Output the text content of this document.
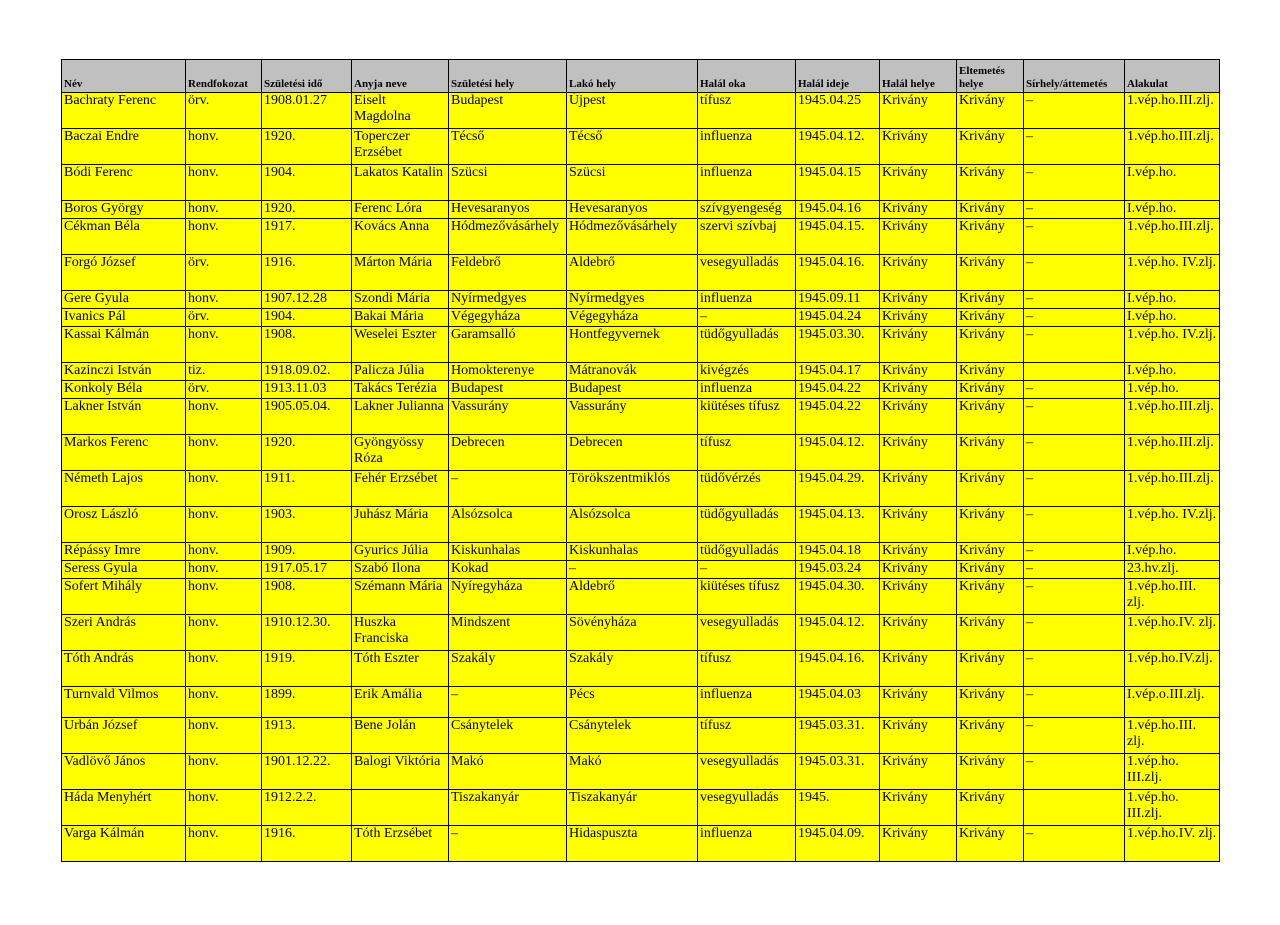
Név	Rendfokozat	Születési idő	Anyja neve	Születési hely	Lakó hely	Halál oka	Halál ideje	Halál helye	Eltemetés helye	Sírhely/áttemetés	Alakulat
Bachraty Ferenc	örv.	1908.01.27	Eiselt Magdolna	Budapest	Újpest	tífusz	1945.04.25	Krivány	Krivány	–	1.vép.ho.III.zlj.
Baczai Endre	honv.	1920.	Toperczer Erzsébet	Técső	Técső	influenza	1945.04.12.	Krivány	Krivány	–	1.vép.ho.III.zlj.
Bódi Ferenc	honv.	1904.	Lakatos Katalin	Szücsi	Szücsi	influenza	1945.04.15	Krivány	Krivány	–	I.vép.ho.
Boros György	honv.	1920.	Ferenc Lóra	Hevesaranyos	Hevesaranyos	szívgyengeség	1945.04.16	Krivány	Krivány	–	I.vép.ho.
Cékman Béla	honv.	1917.	Kovács Anna	Hódmezővásárhely	Hódmezővásárhely	szervi szívbaj	1945.04.15.	Krivány	Krivány	–	1.vép.ho.III.zlj.
Forgó József	örv.	1916.	Márton Mária	Feldebrő	Aldebrő	vesegyulladás	1945.04.16.	Krivány	Krivány	–	1.vép.ho. IV.zlj.
Gere Gyula	honv.	1907.12.28	Szondi Mária	Nyírmedgyes	Nyírmedgyes	influenza	1945.09.11	Krivány	Krivány	–	I.vép.ho.
Ivanics Pál	örv.	1904.	Bakai Mária	Végegyháza	Végegyháza	–	1945.04.24	Krivány	Krivány	–	I.vép.ho.
Kassai Kálmán	honv.	1908.	Weselei Eszter	Garamsalló	Hontfegyvernek	tüdőgyulladás	1945.03.30.	Krivány	Krivány	–	1.vép.ho. IV.zlj.
Kazinczi István	tiz.	1918.09.02.	Palicza Júlia	Homokterenye	Mátranovák	kivégzés	1945.04.17	Krivány	Krivány		I.vép.ho.
Konkoly Béla	örv.	1913.11.03	Takács Terézia	Budapest	Budapest	influenza	1945.04.22	Krivány	Krivány	–	1.vép.ho.
Lakner István	honv.	1905.05.04.	Lakner Julianna	Vassurány	Vassurány	kiütéses tífusz	1945.04.22	Krivány	Krivány	–	1.vép.ho.III.zlj.
Markos Ferenc	honv.	1920.	Gyöngyössy Róza	Debrecen	Debrecen	tífusz	1945.04.12.	Krivány	Krivány	–	1.vép.ho.III.zlj.
Németh Lajos	honv.	1911.	Fehér Erzsébet	–	Törökszentmiklós	tüdővérzés	1945.04.29.	Krivány	Krivány	–	1.vép.ho.III.zlj.
Orosz László	honv.	1903.	Juhász Mária	Alsózsolca	Alsózsolca	tüdőgyulladás	1945.04.13.	Krivány	Krivány	–	1.vép.ho. IV.zlj.
Répássy Imre	honv.	1909.	Gyurics Júlia	Kiskunhalas	Kiskunhalas	tüdőgyulladás	1945.04.18	Krivány	Krivány	–	I.vép.ho.
Seress Gyula	honv.	1917.05.17	Szabó Ilona	Kokad	–	–	1945.03.24	Krivány	Krivány	–	23.hv.zlj.
Sofert Mihály	honv.	1908.	Szémann Mária	Nyíregyháza	Aldebrő	kiütéses tífusz	1945.04.30.	Krivány	Krivány	–	1.vép.ho.III. zlj.
Szeri András	honv.	1910.12.30.	Huszka Franciska	Mindszent	Sövényháza	vesegyulladás	1945.04.12.	Krivány	Krivány	–	1.vép.ho.IV. zlj.
Tóth András	honv.	1919.	Tóth Eszter	Szakály	Szakály	tífusz	1945.04.16.	Krivány	Krivány	–	1.vép.ho.IV.zlj.
Turnvald Vilmos	honv.	1899.	Erik Amália	–	Pécs	influenza	1945.04.03	Krivány	Krivány	–	I.vép.o.III.zlj.
Urbán József	honv.	1913.	Bene Jolán	Csánytelek	Csánytelek	tífusz	1945.03.31.	Krivány	Krivány	–	1.vép.ho.III. zlj.
Vadlövő János	honv.	1901.12.22.	Balogi Viktória	Makó	Makó	vesegyulladás	1945.03.31.	Krivány	Krivány	–	1.vép.ho. III.zlj.
Háda Menyhért	honv.	1912.2.2.		Tiszakanyár	Tiszakanyár	vesegyulladás	1945.	Krivány	Krivány		1.vép.ho. III.zlj.
Varga Kálmán	honv.	1916.	Tóth Erzsébet	–	Hidaspuszta	influenza	1945.04.09.	Krivány	Krivány	–	1.vép.ho.IV. zlj.
